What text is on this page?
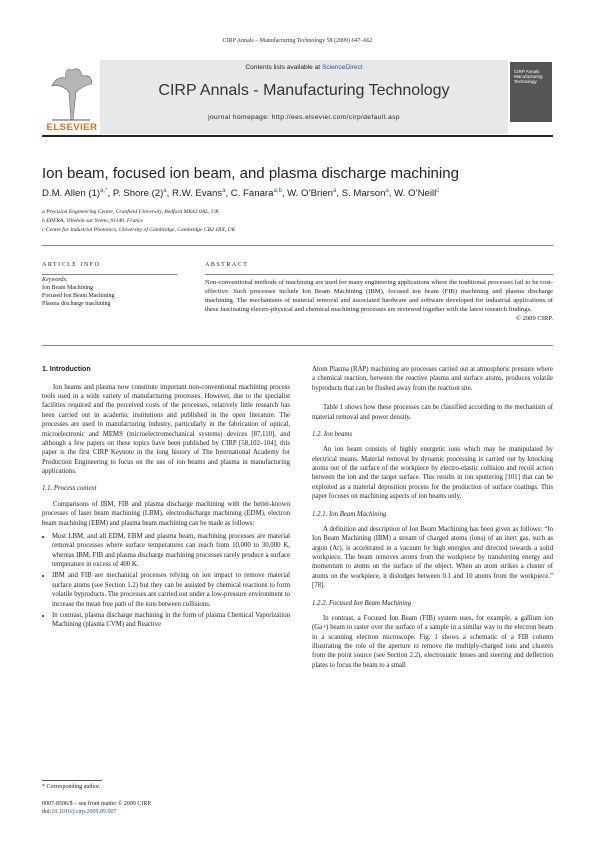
CIRP Annals – Manufacturing Technology 58 (2009) 647–662
ELSEVIER
Contents lists available at ScienceDirect
CIRP Annals - Manufacturing Technology
journal homepage: http://ees.elsevier.com/cirp/default.asp
CIRP Annals Manufacturing Technology
Ion beam, focused ion beam, and plasma discharge machining
D.M. Allen $(1)^{a,*}$, P. Shore $(2)^a$, R.W. Evans$^a$, C. Fanara$^{a,b}$, W. O’Brien$^a$, S. Marson$^a$, W. O’Neill$^c$
a Precision Engineering Centre, Cranfield University, Bedford MK43 0AL, UK
b EPFRA, Villebon sur Yvette, 91140, France
c Centre for Industrial Photonics, University of Cambridge, Cambridge CB2 1RX, UK
ARTICLE INFO	ABSTRACT
Keywords:
Ion Beam Machining
Focused Ion Beam Machining
Plasma discharge machining
Non-conventional methods of machining are used for many engineering applications where the traditional processes fail to be cost-effective. Such processes include Ion Beam Machining (IBM), focused ion beam (FIB) machining and plasma discharge machining. The mechanisms of material removal and associated hardware and software developed for industrial applications of these fascinating electro-physical and chemical machining processes are reviewed together with the latest research findings.
© 2009 CIRP.
1. Introduction

Ion beams and plasma now constitute important non-conventional machining process tools used in a wide variety of manufacturing processes. However, due to the specialist facilities required and the perceived costs of the processes, relatively little research has been carried out in academic institutions and published in the open literature. The processes are used in manufacturing industry, particularly in the fabrication of optical, microelectronic and MEMS (microelectromechanical systems) devices [87,110], and although a few papers on these topics have been published by CIRP [58,102–104], this paper is the first CIRP Keynote in the long history of The International Academy for Production Engineering to focus on the use of ion beams and plasma in manufacturing applications.

1.1. Process context

Comparisons of IBM, FIB and plasma discharge machining with the better-known processes of laser beam machining (LBM), electrodischarge machining (EDM), electron beam machining (EBM) and plasma beam machining can be made as follows:

• Most LBM, and all EDM, EBM and plasma beam, machining processes are material removal processes where surface temperatures can reach from 10,000 to 30,000 K, whereas IBM, FIB and plasma discharge machining processes rarely produce a surface temperature in excess of 400 K.
• IBM and FIB are mechanical processes relying on ion impact to remove material surface atoms (see Section 1.2) but they can be assisted by chemical reactions to form volatile byproducts. The processes are carried out under a low-pressure environment to increase the mean free path of the ions between collisions.
• In contrast, plasma discharge machining in the form of plasma Chemical Vaporization Machining (plasma CVM) and Reactive
* Corresponding author.
0007-8506/$ – see front matter © 2009 CIRP.
doi:10.1016/j.cirp.2009.09.007

Atom Plasma (RAP) machining are processes carried out at atmospheric pressure where a chemical reaction, between the reactive plasma and surface atoms, produces volatile byproducts that can be flushed away from the reaction site.

Table 1 shows how these processes can be classified according to the mechanism of material removal and power density.

1.2. Ion beams

An ion beam consists of highly energetic ions which may be manipulated by electrical means. Material removal by dynamic processing is carried out by knocking atoms out of the surface of the workpiece by electro-elastic collision and recoil action between the ion and the target surface. This results in ion sputtering [101] that can be exploited as a material deposition process for the production of surface coatings. This paper focuses on machining aspects of ion beams only.

1.2.1. Ion Beam Machining

A definition and description of Ion Beam Machining has been given as follows: “In Ion Beam Machining (IBM) a stream of charged atoms (ions) of an inert gas, such as argon (Ar), is accelerated in a vacuum by high energies and directed towards a solid workpiece. The beam removes atoms from the workpiece by transferring energy and momentum to atoms on the surface of the object. When an atom strikes a cluster of atoms on the workpiece, it dislodges between 0.1 and 10 atoms from the workpiece.” [78].

1.2.2. Focused Ion Beam Machining

In contrast, a Focused Ion Beam (FIB) system uses, for example, a gallium ion (Ga+) beam to raster over the surface of a sample in a similar way to the electron beam in a scanning electron microscope. Fig. 1 shows a schematic of a FIB column illustrating the role of the aperture to remove the multiply-charged ions and clusters from the point source (see Section 2.2), electrostatic lenses and steering and deflection plates to focus the beam to a small
